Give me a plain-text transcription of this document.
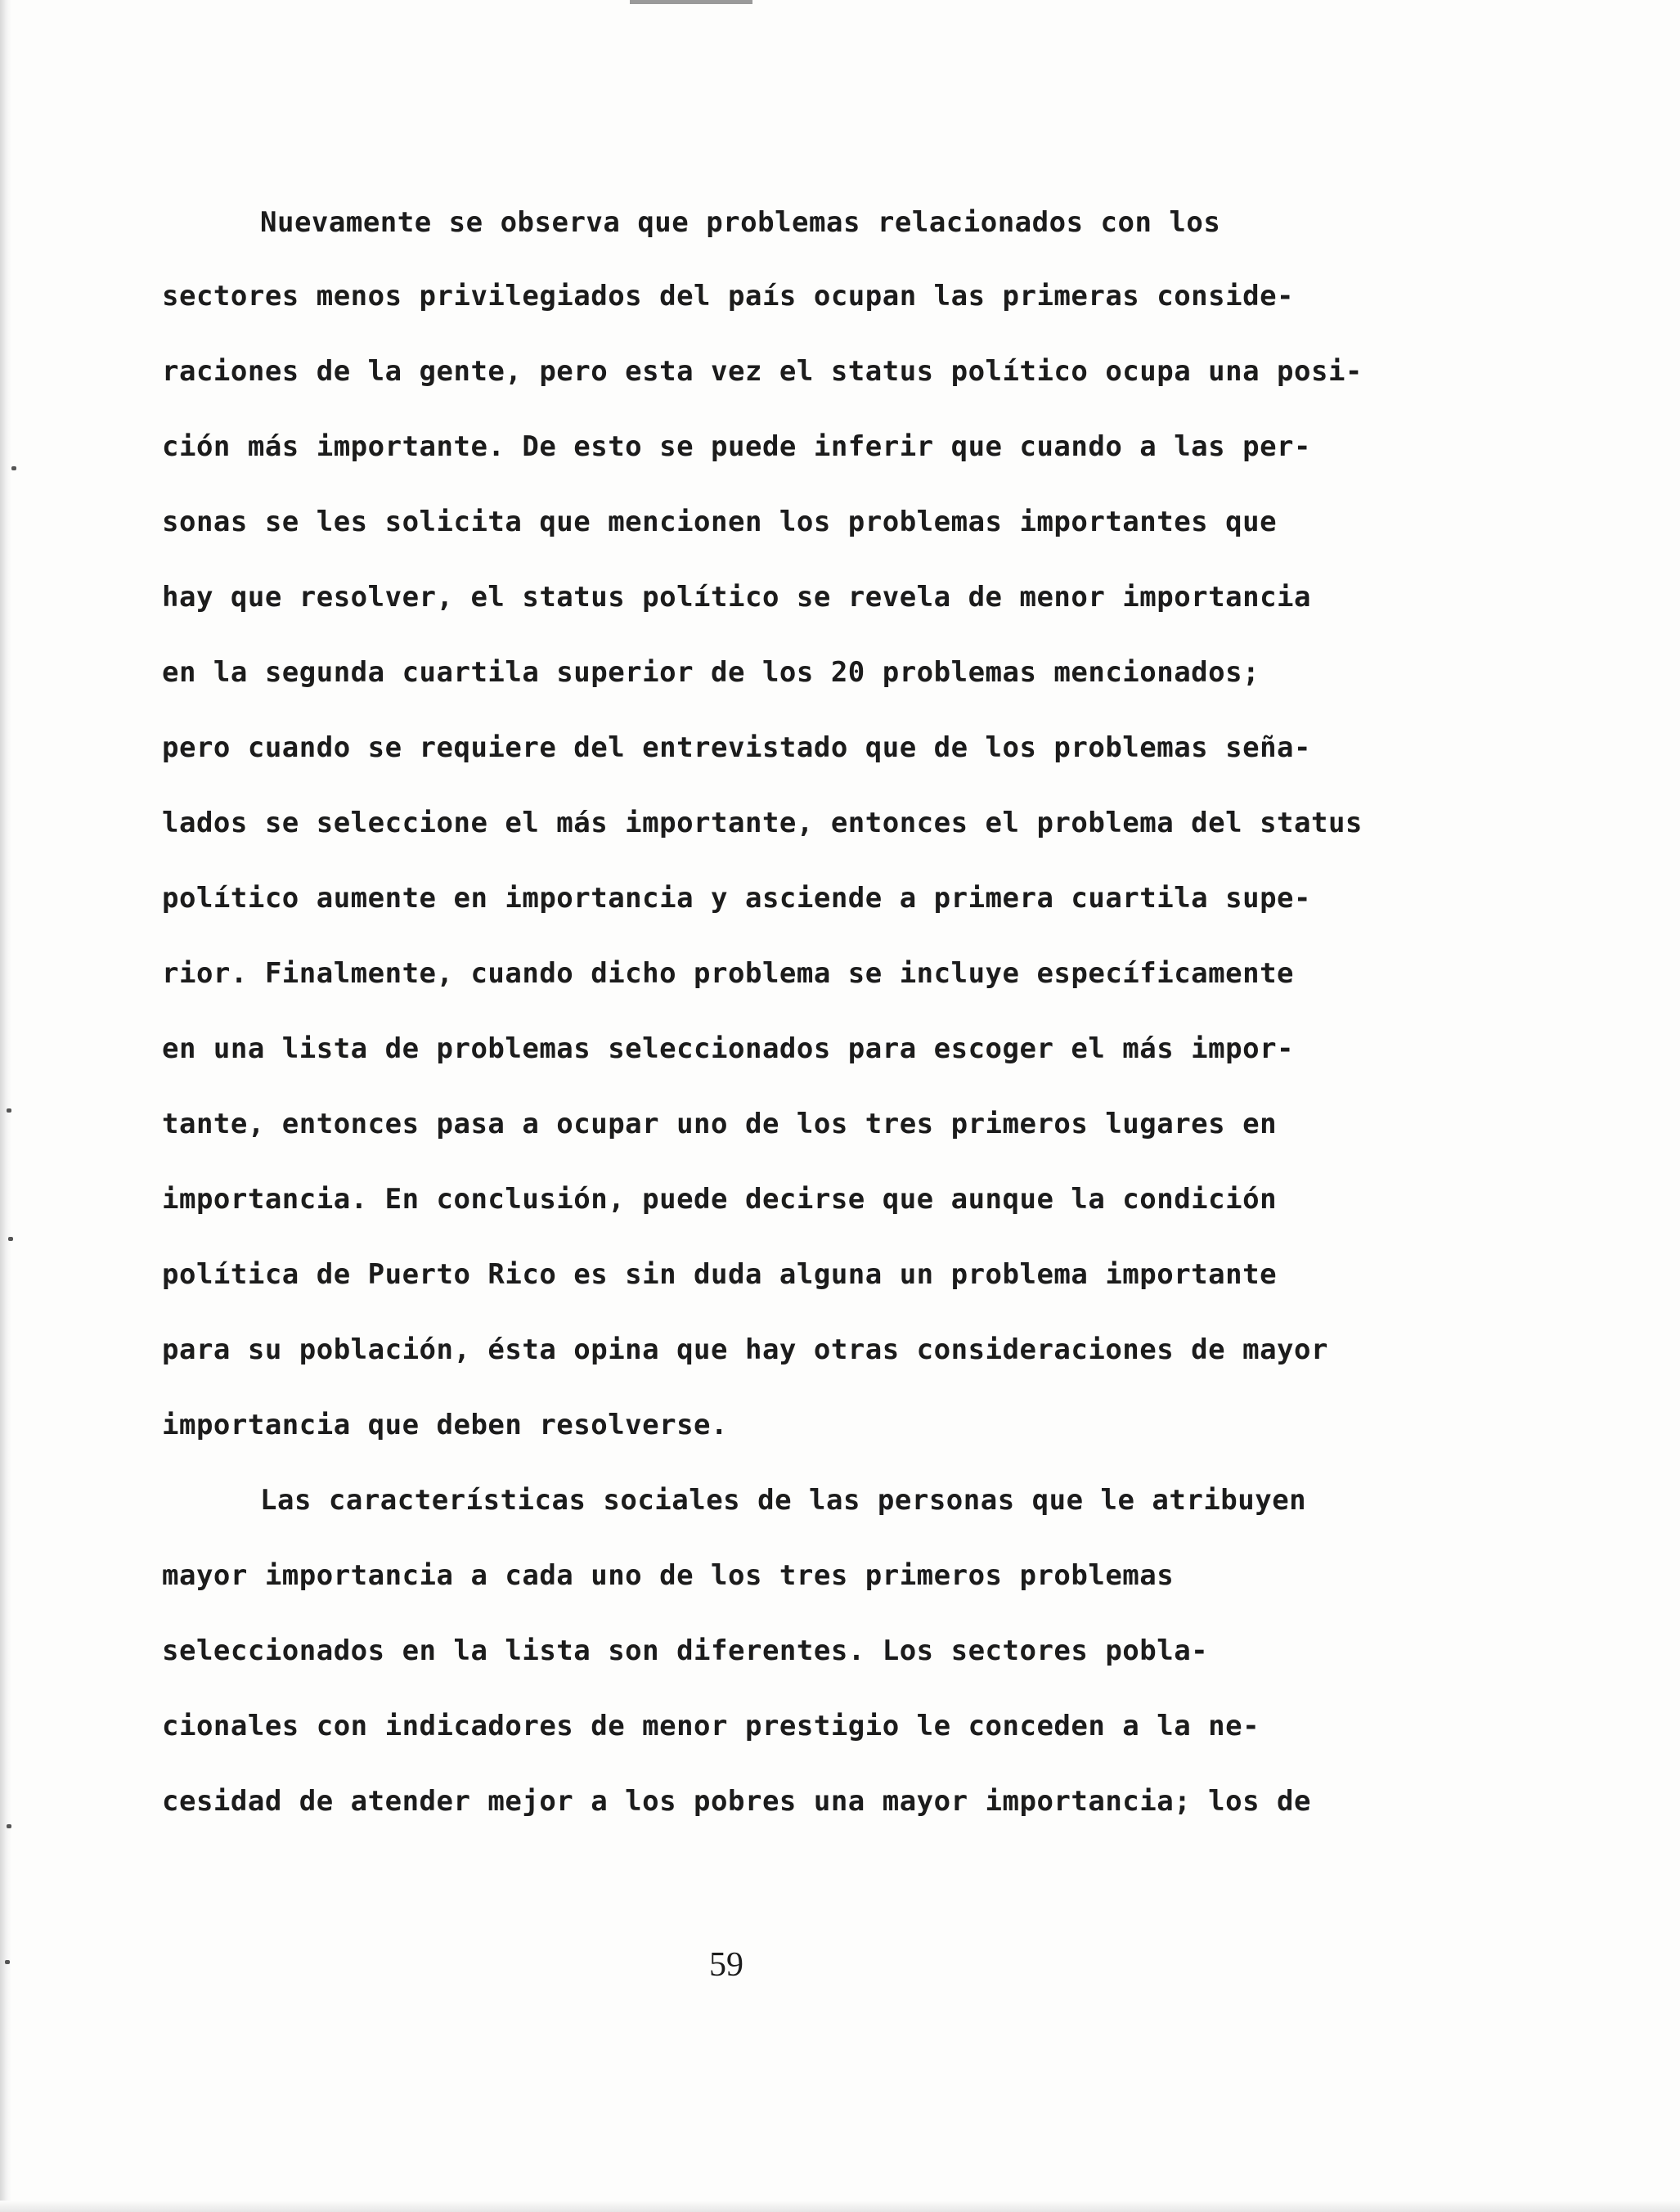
Nuevamente se observa que problemas relacionados con los
sectores menos privilegiados del país ocupan las primeras conside-
raciones de la gente, pero esta vez el status político ocupa una posi-
ción más importante. De esto se puede inferir que cuando a las per-
sonas se les solicita que mencionen los problemas importantes que
hay que resolver, el status político se revela de menor importancia
en la segunda cuartila superior de los 20 problemas mencionados;
pero cuando se requiere del entrevistado que de los problemas seña-
lados se seleccione el más importante, entonces el problema del status
político aumente en importancia y asciende a primera cuartila supe-
rior. Finalmente, cuando dicho problema se incluye específicamente
en una lista de problemas seleccionados para escoger el más impor-
tante, entonces pasa a ocupar uno de los tres primeros lugares en
importancia. En conclusión, puede decirse que aunque la condición
política de Puerto Rico es sin duda alguna un problema importante
para su población, ésta opina que hay otras consideraciones de mayor
importancia que deben resolverse.
Las características sociales de las personas que le atribuyen
mayor importancia a cada uno de los tres primeros problemas
seleccionados en la lista son diferentes. Los sectores pobla-
cionales con indicadores de menor prestigio le conceden a la ne-
cesidad de atender mejor a los pobres una mayor importancia; los de
59
